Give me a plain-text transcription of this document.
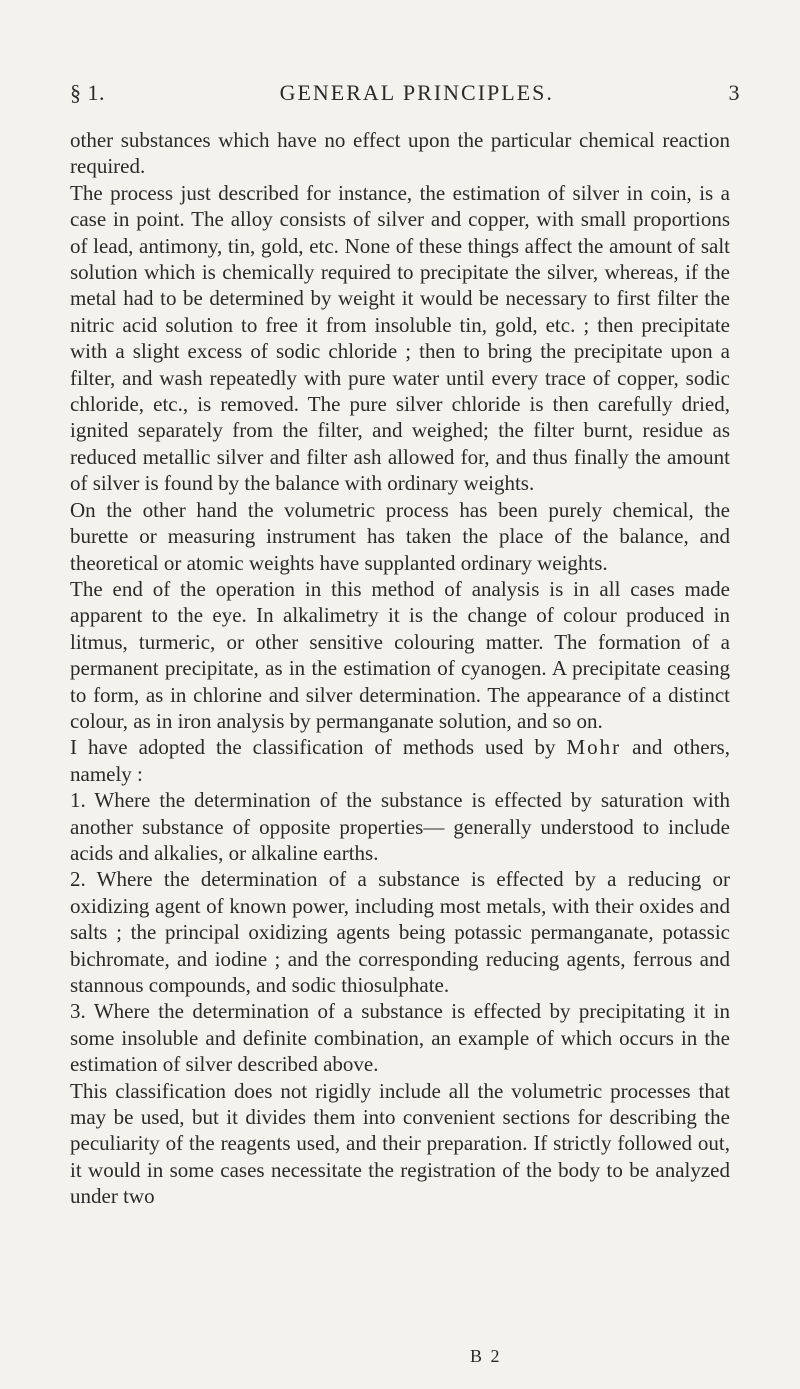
§ 1.	GENERAL PRINCIPLES.	3

other substances which have no effect upon the particular chemical reaction required.

The process just described for instance, the estimation of silver in coin, is a case in point. The alloy consists of silver and copper, with small proportions of lead, antimony, tin, gold, etc. None of these things affect the amount of salt solution which is chemically required to precipitate the silver, whereas, if the metal had to be determined by weight it would be necessary to first filter the nitric acid solution to free it from insoluble tin, gold, etc. ; then precipitate with a slight excess of sodic chloride ; then to bring the precipitate upon a filter, and wash repeatedly with pure water until every trace of copper, sodic chloride, etc., is removed. The pure silver chloride is then carefully dried, ignited separately from the filter, and weighed; the filter burnt, residue as reduced metallic silver and filter ash allowed for, and thus finally the amount of silver is found by the balance with ordinary weights.

On the other hand the volumetric process has been purely chemical, the burette or measuring instrument has taken the place of the balance, and theoretical or atomic weights have supplanted ordinary weights.

The end of the operation in this method of analysis is in all cases made apparent to the eye. In alkalimetry it is the change of colour produced in litmus, turmeric, or other sensitive colouring matter. The formation of a permanent precipitate, as in the estimation of cyanogen. A precipitate ceasing to form, as in chlorine and silver determination. The appearance of a distinct colour, as in iron analysis by permanganate solution, and so on.

I have adopted the classification of methods used by Mohr and others, namely :

1. Where the determination of the substance is effected by saturation with another substance of opposite properties— generally understood to include acids and alkalies, or alkaline earths.

2. Where the determination of a substance is effected by a reducing or oxidizing agent of known power, including most metals, with their oxides and salts ; the principal oxidizing agents being potassic permanganate, potassic bichromate, and iodine ; and the corresponding reducing agents, ferrous and stannous compounds, and sodic thiosulphate.

3. Where the determination of a substance is effected by precipitating it in some insoluble and definite combination, an example of which occurs in the estimation of silver described above.

This classification does not rigidly include all the volumetric processes that may be used, but it divides them into convenient sections for describing the peculiarity of the reagents used, and their preparation. If strictly followed out, it would in some cases necessitate the registration of the body to be analyzed under two

B 2
